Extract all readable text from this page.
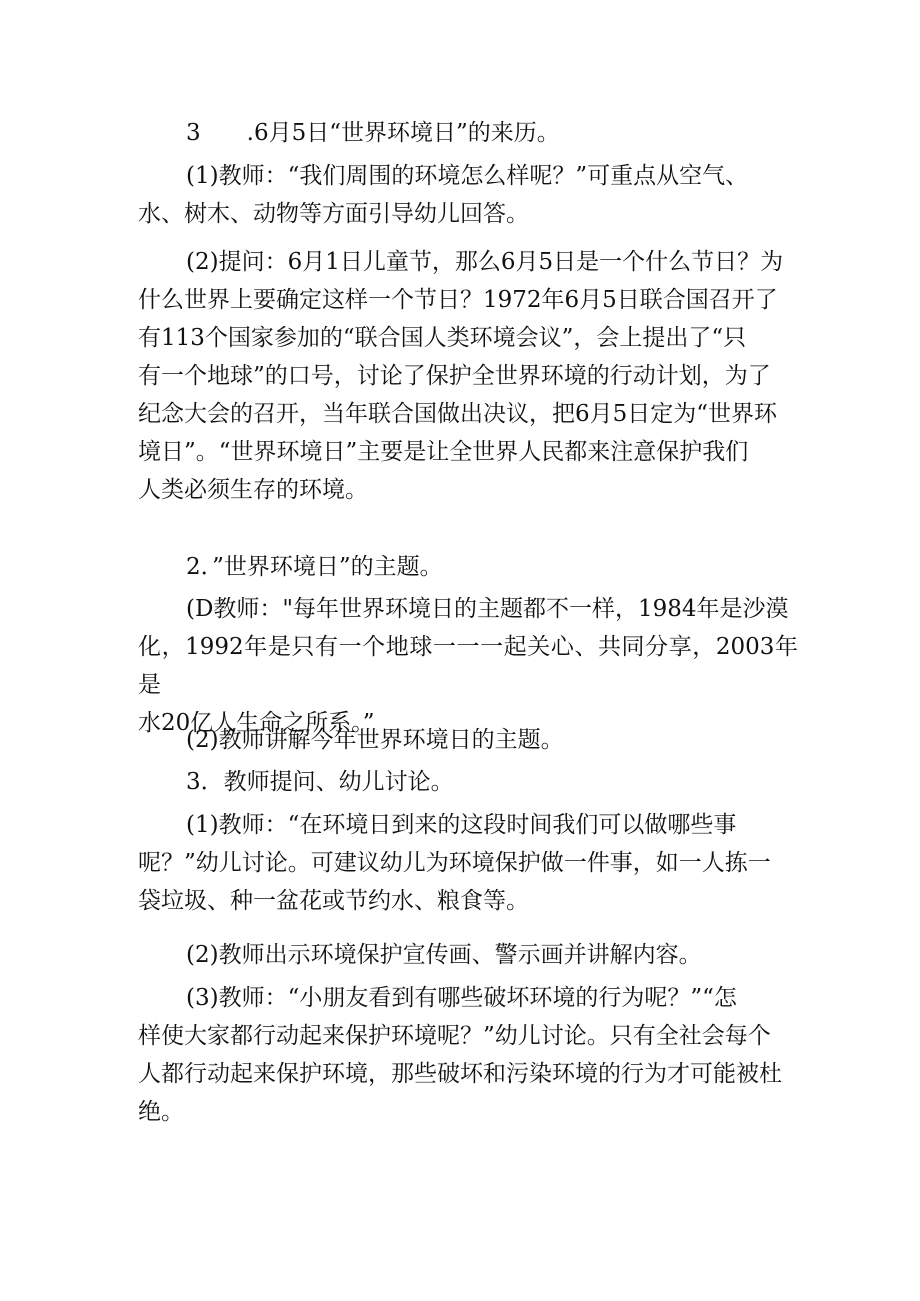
3　　.6月5日“世界环境日”的来历。
(1)教师：“我们周围的环境怎么样呢？”可重点从空气、
水、树木、动物等方面引导幼儿回答。
(2)提问：6月1日儿童节，那么6月5日是一个什么节日？为
什么世界上要确定这样一个节日？1972年6月5日联合国召开了
有113个国家参加的“联合国人类环境会议”，会上提出了“只
有一个地球”的口号，讨论了保护全世界环境的行动计划，为了
纪念大会的召开，当年联合国做出决议，把6月5日定为“世界环
境日”。“世界环境日”主要是让全世界人民都来注意保护我们
人类必须生存的环境。
2．”世界环境日”的主题。
(D教师："每年世界环境日的主题都不一样，1984年是沙漠
化，1992年是只有一个地球一一一起关心、共同分享，2003年是
水20亿人生命之所系。”
(2)教师讲解今年世界环境日的主题。
3．教师提问、幼儿讨论。
(1)教师：“在环境日到来的这段时间我们可以做哪些事
呢？”幼儿讨论。可建议幼儿为环境保护做一件事，如一人拣一
袋垃圾、种一盆花或节约水、粮食等。
(2)教师出示环境保护宣传画、警示画并讲解内容。
(3)教师：“小朋友看到有哪些破坏环境的行为呢？”“怎
样使大家都行动起来保护环境呢？”幼儿讨论。只有全社会每个
人都行动起来保护环境，那些破坏和污染环境的行为才可能被杜
绝。
